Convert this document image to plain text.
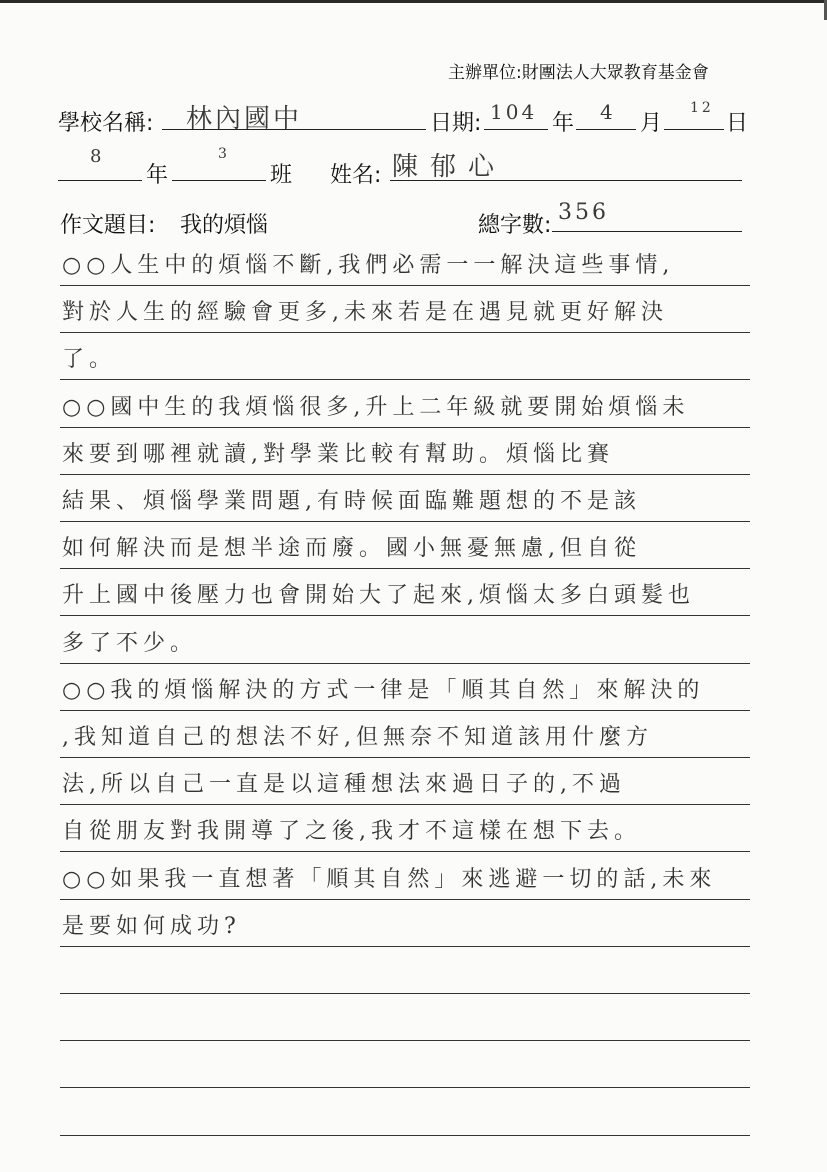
主辦單位:財團法人大眾教育基金會
學校名稱: 林內國中	日期: 104 年 4 月
12
日
8
年
3
班 姓名: 陳郁心
作文題目: 我的煩惱	總字數:
356
○○人生中的煩惱不斷,我們必需一一解決這些事情,
對於人生的經驗會更多,未來若是在遇見就更好解決
了。
○○國中生的我煩惱很多,升上二年級就要開始煩惱未
來要到哪裡就讀,對學業比較有幫助。煩惱比賽
結果、煩惱學業問題,有時候面臨難題想的不是該
如何解決而是想半途而廢。國小無憂無慮,但自從
升上國中後壓力也會開始大了起來,煩惱太多白頭髮也
多了不少。
○○我的煩惱解決的方式一律是「順其自然」來解決的
,我知道自己的想法不好,但無奈不知道該用什麼方
法,所以自己一直是以這種想法來過日子的,不過
自從朋友對我開導了之後,我才不這樣在想下去。
○○如果我一直想著「順其自然」來逃避一切的話,未來
是要如何成功?
